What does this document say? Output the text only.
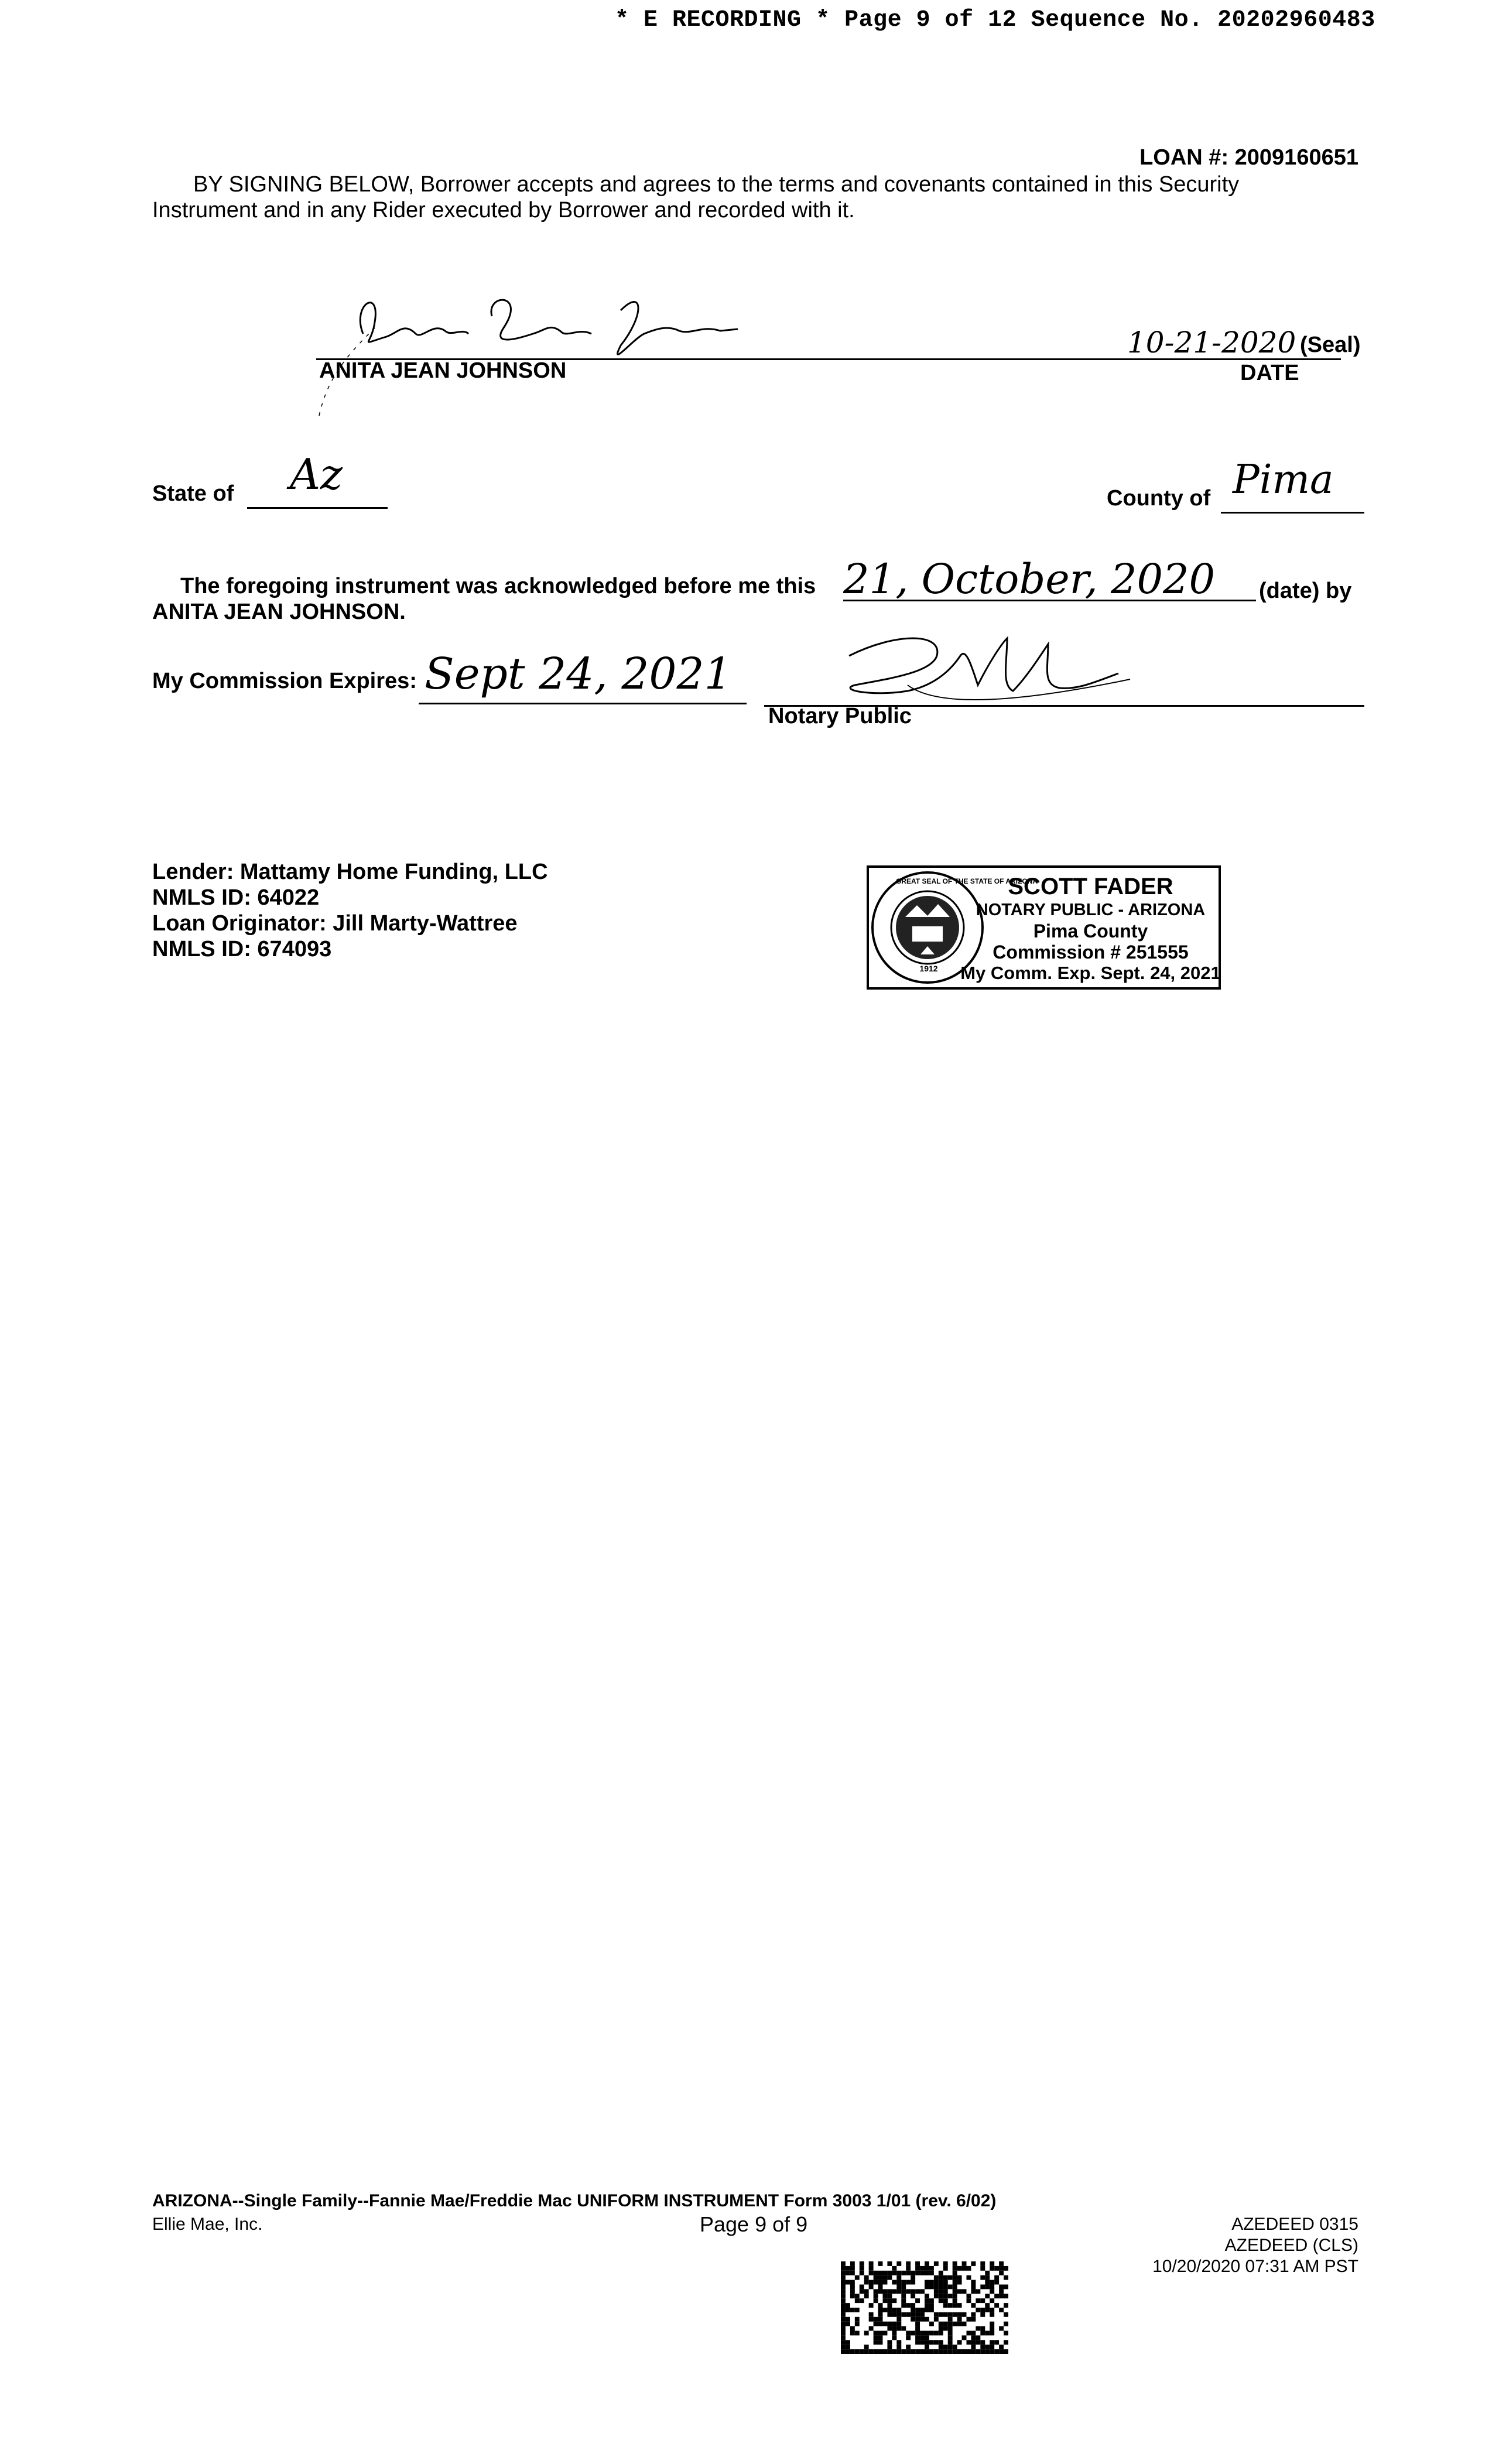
* E RECORDING * Page 9 of 12 Sequence No. 20202960483
LOAN #: 2009160651
BY SIGNING BELOW, Borrower accepts and agrees to the terms and covenants contained in this Security
Instrument and in any Rider executed by Borrower and recorded with it.
ANITA JEAN JOHNSON
10-21-2020 (Seal)
DATE
State of Az	County of Pima
The foregoing instrument was acknowledged before me this 21, October, 2020 (date) by
ANITA JEAN JOHNSON.
My Commission Expires: Sept 24, 2021
Notary Public
Lender: Mattamy Home Funding, LLC
NMLS ID: 64022
Loan Originator: Jill Marty-Wattree
NMLS ID: 674093
GREAT SEAL OF THE STATE OF ARIZONA
1912
SCOTT FADER
NOTARY PUBLIC - ARIZONA
Pima County
Commission # 251555
My Comm. Exp. Sept. 24, 2021
ARIZONA--Single Family--Fannie Mae/Freddie Mac UNIFORM INSTRUMENT Form 3003 1/01 (rev. 6/02)
Ellie Mae, Inc.	Page 9 of 9	AZEDEED 0315
AZEDEED (CLS)
10/20/2020 07:31 AM PST
